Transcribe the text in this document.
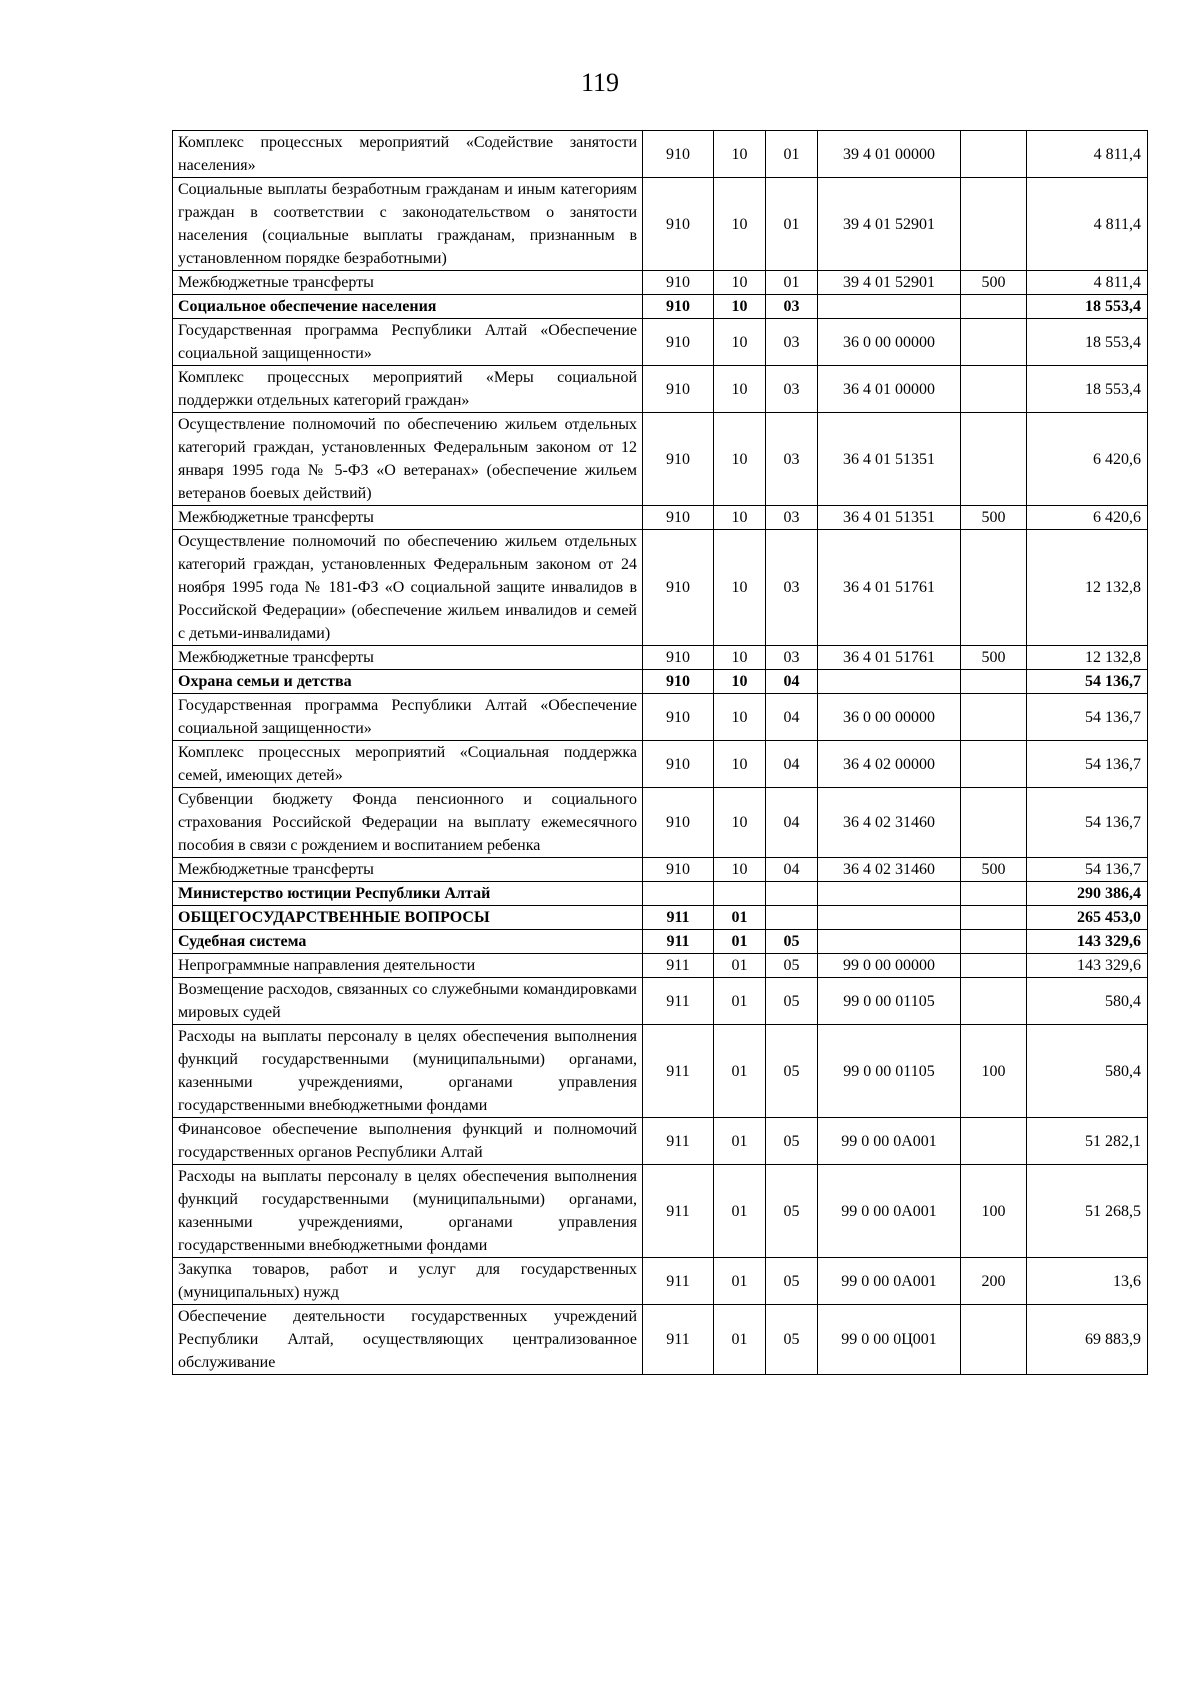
119
Комплекс процессных мероприятий «Содействие занятости населения»	910	10	01	39 4 01 00000		4 811,4
Социальные выплаты безработным гражданам и иным категориям граждан в соответствии с законодательством о занятости населения (социальные выплаты гражданам, признанным в установленном порядке безработными)	910	10	01	39 4 01 52901		4 811,4
Межбюджетные трансферты	910	10	01	39 4 01 52901	500	4 811,4
Социальное обеспечение населения	910	10	03			18 553,4
Государственная программа Республики Алтай «Обеспечение социальной защищенности»	910	10	03	36 0 00 00000		18 553,4
Комплекс процессных мероприятий «Меры социальной поддержки отдельных категорий граждан»	910	10	03	36 4 01 00000		18 553,4
Осуществление полномочий по обеспечению жильем отдельных категорий граждан, установленных Федеральным законом от 12 января 1995 года № 5-ФЗ «О ветеранах» (обеспечение жильем ветеранов боевых действий)	910	10	03	36 4 01 51351		6 420,6
Межбюджетные трансферты	910	10	03	36 4 01 51351	500	6 420,6
Осуществление полномочий по обеспечению жильем отдельных категорий граждан, установленных Федеральным законом от 24 ноября 1995 года № 181-ФЗ «О социальной защите инвалидов в Российской Федерации» (обеспечение жильем инвалидов и семей с детьми-инвалидами)	910	10	03	36 4 01 51761		12 132,8
Межбюджетные трансферты	910	10	03	36 4 01 51761	500	12 132,8
Охрана семьи и детства	910	10	04			54 136,7
Государственная программа Республики Алтай «Обеспечение социальной защищенности»	910	10	04	36 0 00 00000		54 136,7
Комплекс процессных мероприятий «Социальная поддержка семей, имеющих детей»	910	10	04	36 4 02 00000		54 136,7
Субвенции бюджету Фонда пенсионного и социального страхования Российской Федерации на выплату ежемесячного пособия в связи с рождением и воспитанием ребенка	910	10	04	36 4 02 31460		54 136,7
Межбюджетные трансферты	910	10	04	36 4 02 31460	500	54 136,7
Министерство юстиции Республики Алтай						290 386,4
ОБЩЕГОСУДАРСТВЕННЫЕ ВОПРОСЫ	911	01				265 453,0
Судебная система	911	01	05			143 329,6
Непрограммные направления деятельности	911	01	05	99 0 00 00000		143 329,6
Возмещение расходов, связанных со служебными командировками мировых судей	911	01	05	99 0 00 01105		580,4
Расходы на выплаты персоналу в целях обеспечения выполнения функций государственными (муниципальными) органами, казенными учреждениями, органами управления государственными внебюджетными фондами	911	01	05	99 0 00 01105	100	580,4
Финансовое обеспечение выполнения функций и полномочий государственных органов Республики Алтай	911	01	05	99 0 00 0A001		51 282,1
Расходы на выплаты персоналу в целях обеспечения выполнения функций государственными (муниципальными) органами, казенными учреждениями, органами управления государственными внебюджетными фондами	911	01	05	99 0 00 0A001	100	51 268,5
Закупка товаров, работ и услуг для государственных (муниципальных) нужд	911	01	05	99 0 00 0A001	200	13,6
Обеспечение деятельности государственных учреждений Республики Алтай, осуществляющих централизованное обслуживание	911	01	05	99 0 00 0Ц001		69 883,9
